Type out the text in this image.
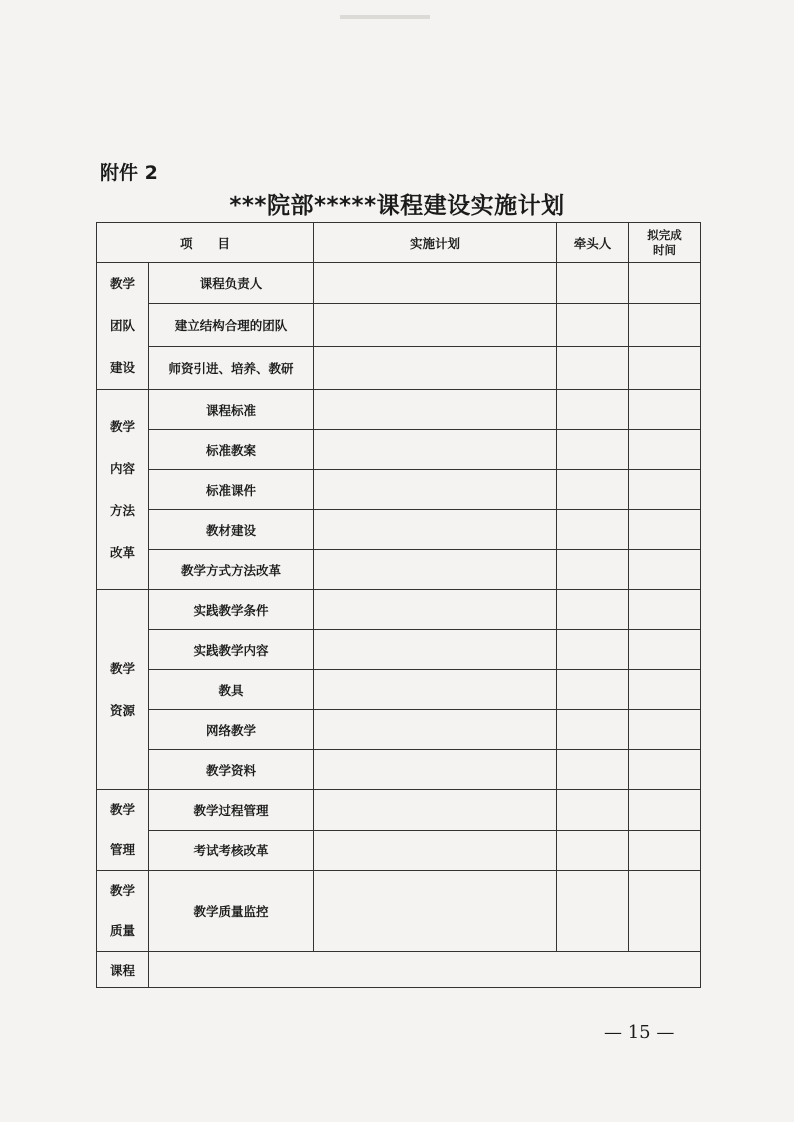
附件 2
***院部*****课程建设实施计划
项　　目		实施计划	牵头人	拟完成时间

教学
团队
建设	课程负责人			
	建立结构合理的团队			
	师资引进、培养、教研			

教学
内容
方法
改革	课程标准			
	标准教案			
	标准课件			
	教材建设			
	教学方式方法改革			

教学
资源	实践教学条件			
	实践教学内容			
	教具			
	网络教学			
	教学资料			

教学
管理	教学过程管理			
	考试考核改革			

教学
质量	教学质量监控			
课程				
— 15 —
